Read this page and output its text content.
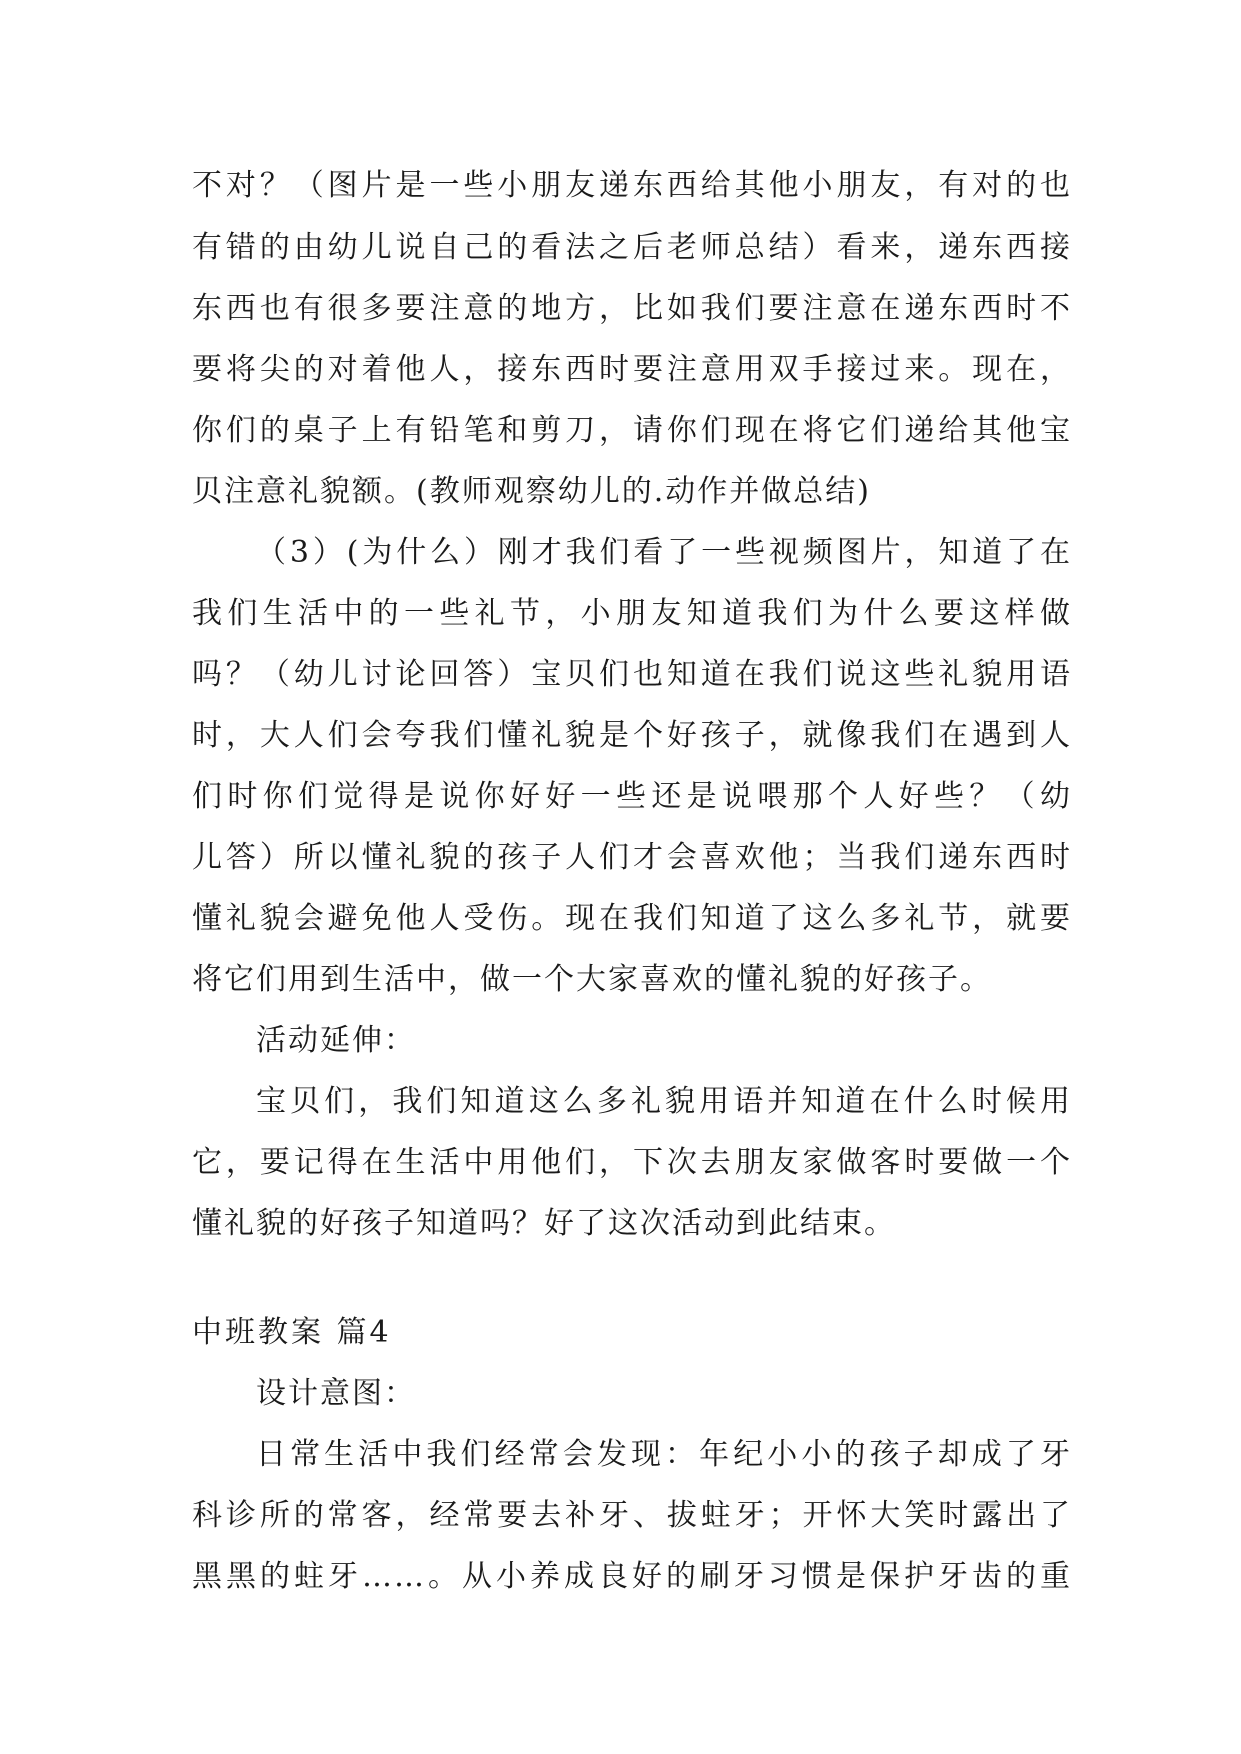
不对？（图片是一些小朋友递东西给其他小朋友，有对的也
有错的由幼儿说自己的看法之后老师总结）看来，递东西接
东西也有很多要注意的地方，比如我们要注意在递东西时不
要将尖的对着他人，接东西时要注意用双手接过来。现在，
你们的桌子上有铅笔和剪刀，请你们现在将它们递给其他宝
贝注意礼貌额。(教师观察幼儿的.动作并做总结)
（3）(为什么）刚才我们看了一些视频图片，知道了在
我们生活中的一些礼节，小朋友知道我们为什么要这样做
吗？（幼儿讨论回答）宝贝们也知道在我们说这些礼貌用语
时，大人们会夸我们懂礼貌是个好孩子，就像我们在遇到人
们时你们觉得是说你好好一些还是说喂那个人好些？（幼
儿答）所以懂礼貌的孩子人们才会喜欢他；当我们递东西时
懂礼貌会避免他人受伤。现在我们知道了这么多礼节，就要
将它们用到生活中，做一个大家喜欢的懂礼貌的好孩子。
活动延伸：
宝贝们，我们知道这么多礼貌用语并知道在什么时候用
它，要记得在生活中用他们，下次去朋友家做客时要做一个
懂礼貌的好孩子知道吗？好了这次活动到此结束。
中班教案 篇4
设计意图：
日常生活中我们经常会发现：年纪小小的孩子却成了牙
科诊所的常客，经常要去补牙、拔蛀牙；开怀大笑时露出了
黑黑的蛀牙……。从小养成良好的刷牙习惯是保护牙齿的重
